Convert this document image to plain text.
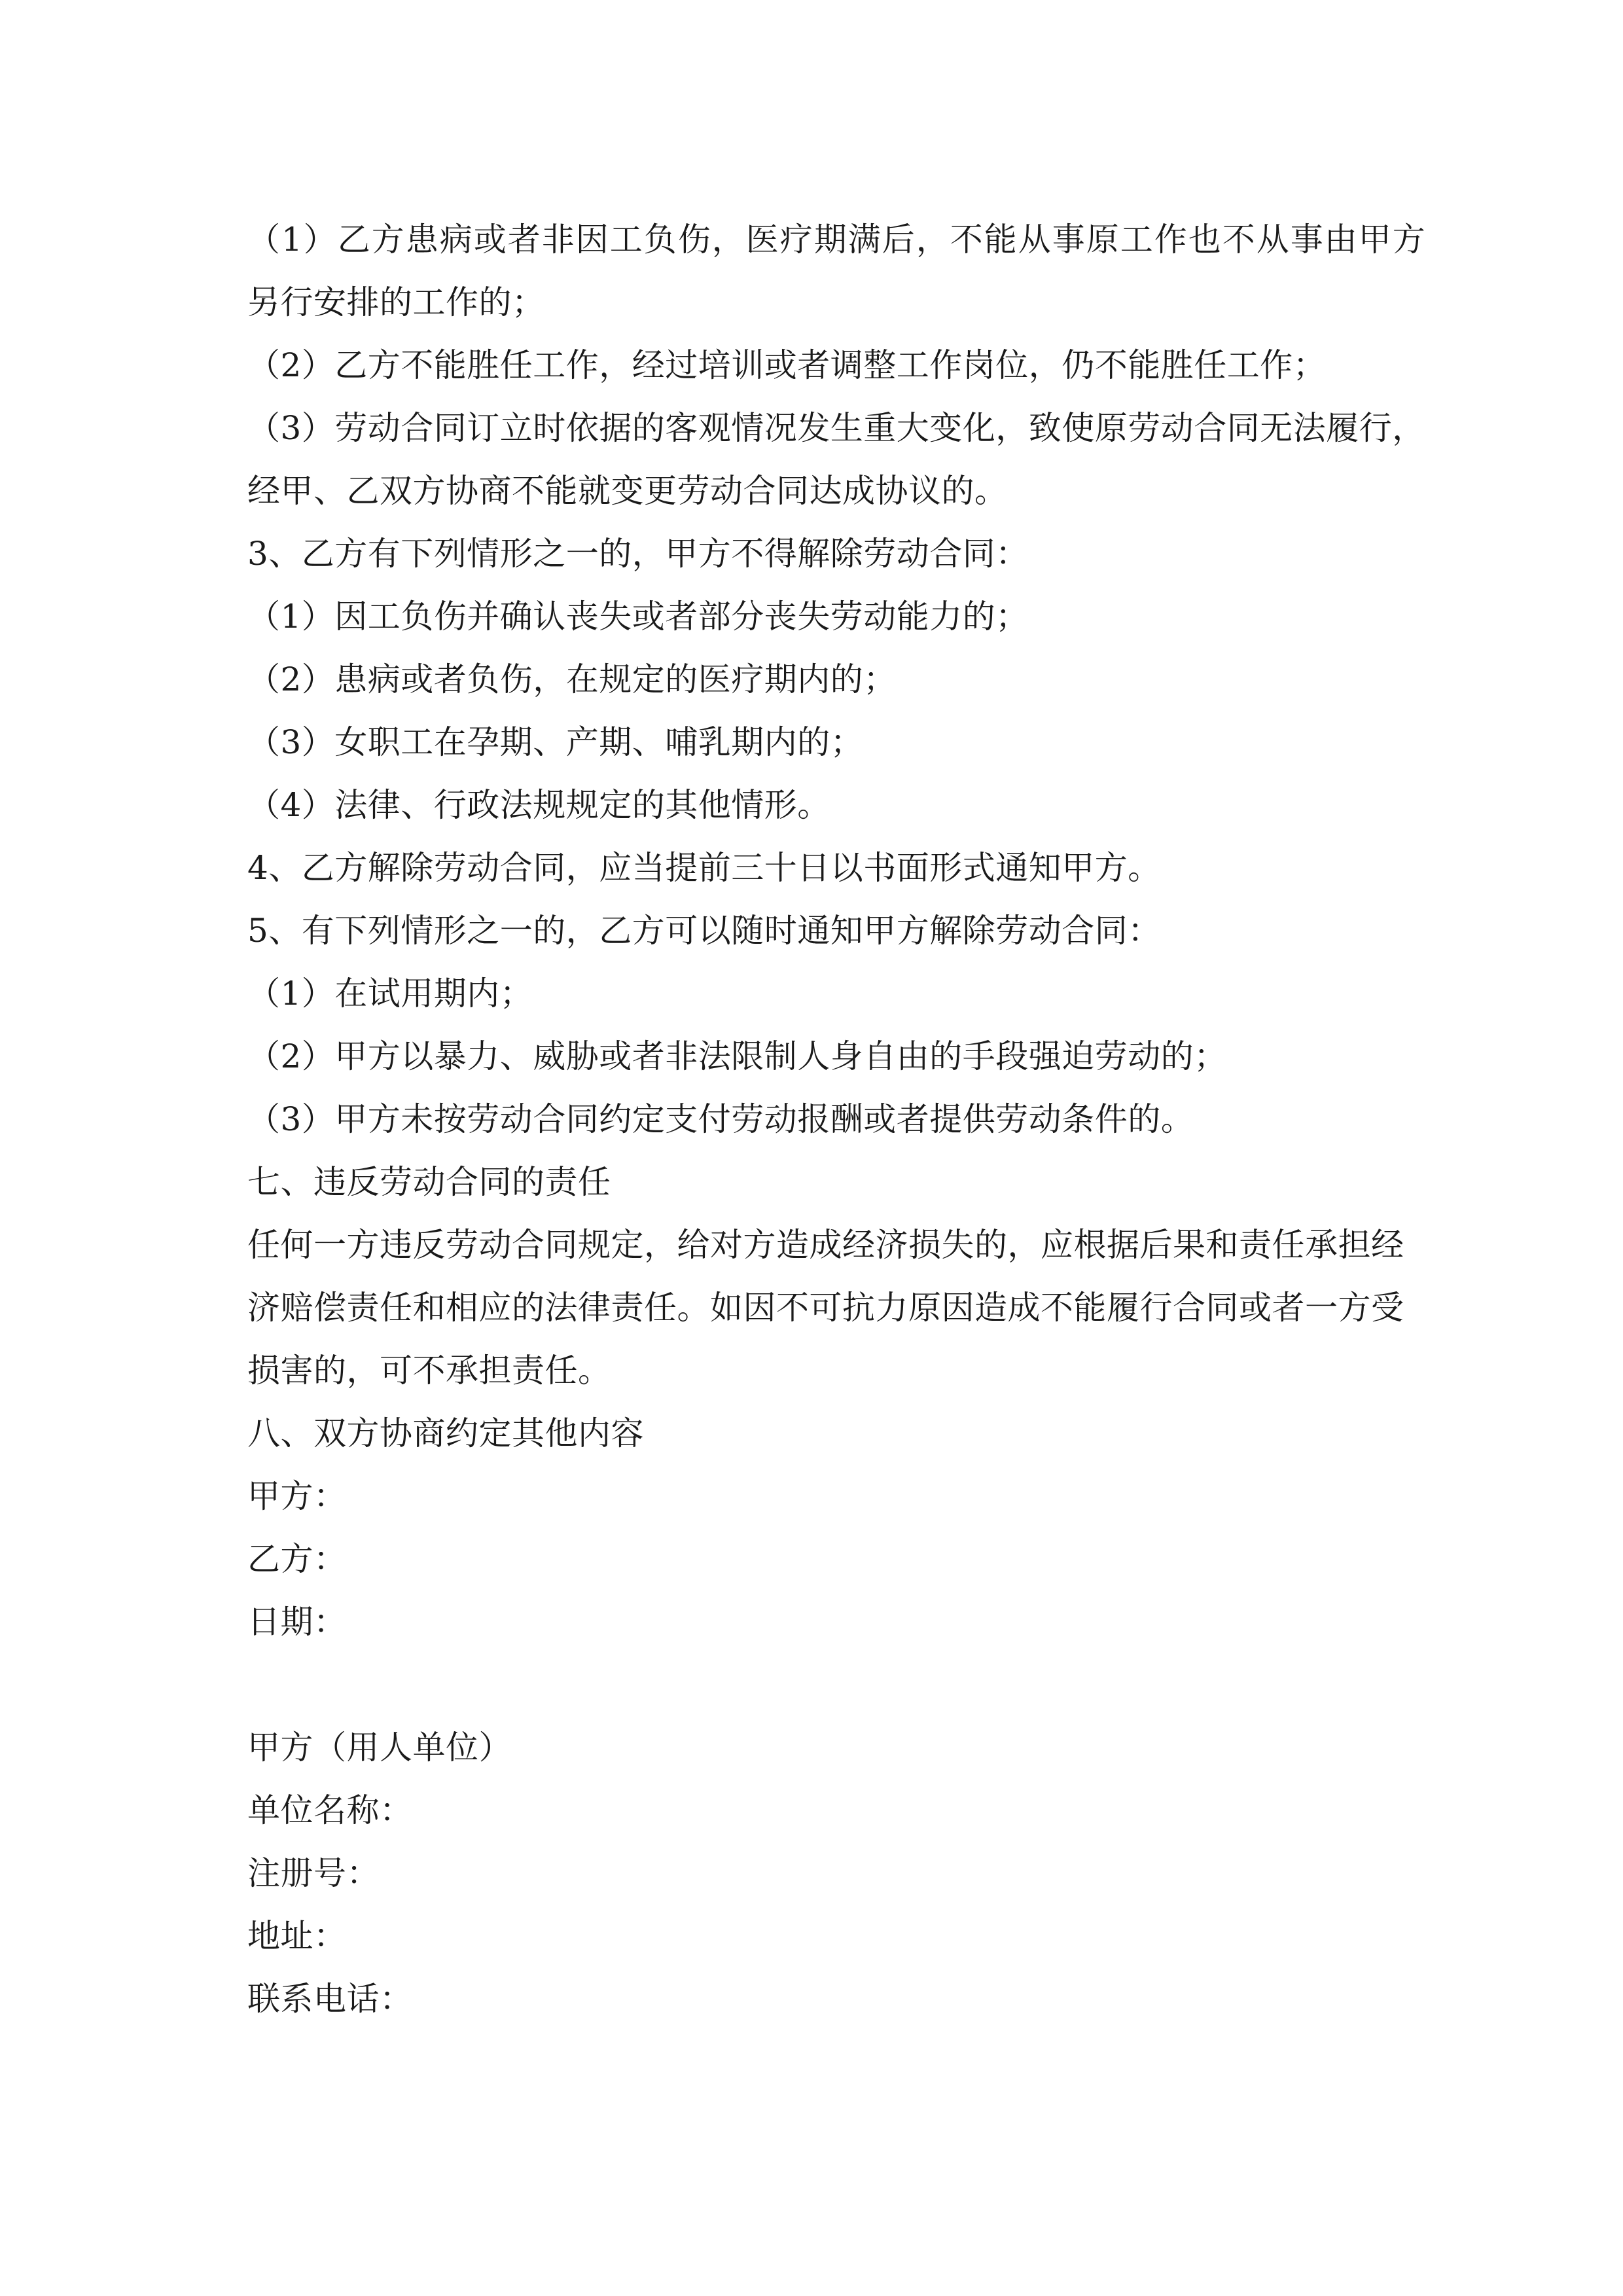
（1）乙方患病或者非因工负伤，医疗期满后，不能从事原工作也不从事由甲方
另行安排的工作的；
（2）乙方不能胜任工作，经过培训或者调整工作岗位，仍不能胜任工作；
（3）劳动合同订立时依据的客观情况发生重大变化，致使原劳动合同无法履行，
经甲、乙双方协商不能就变更劳动合同达成协议的。
3、乙方有下列情形之一的，甲方不得解除劳动合同：
（1）因工负伤并确认丧失或者部分丧失劳动能力的；
（2）患病或者负伤，在规定的医疗期内的；
（3）女职工在孕期、产期、哺乳期内的；
（4）法律、行政法规规定的其他情形。
4、乙方解除劳动合同，应当提前三十日以书面形式通知甲方。
5、有下列情形之一的，乙方可以随时通知甲方解除劳动合同：
（1）在试用期内；
（2）甲方以暴力、威胁或者非法限制人身自由的手段强迫劳动的；
（3）甲方未按劳动合同约定支付劳动报酬或者提供劳动条件的。
七、违反劳动合同的责任
任何一方违反劳动合同规定，给对方造成经济损失的，应根据后果和责任承担经
济赔偿责任和相应的法律责任。如因不可抗力原因造成不能履行合同或者一方受
损害的，可不承担责任。
八、双方协商约定其他内容
甲方：
乙方：
日期：
甲方（用人单位）
单位名称：
注册号：
地址：
联系电话：
